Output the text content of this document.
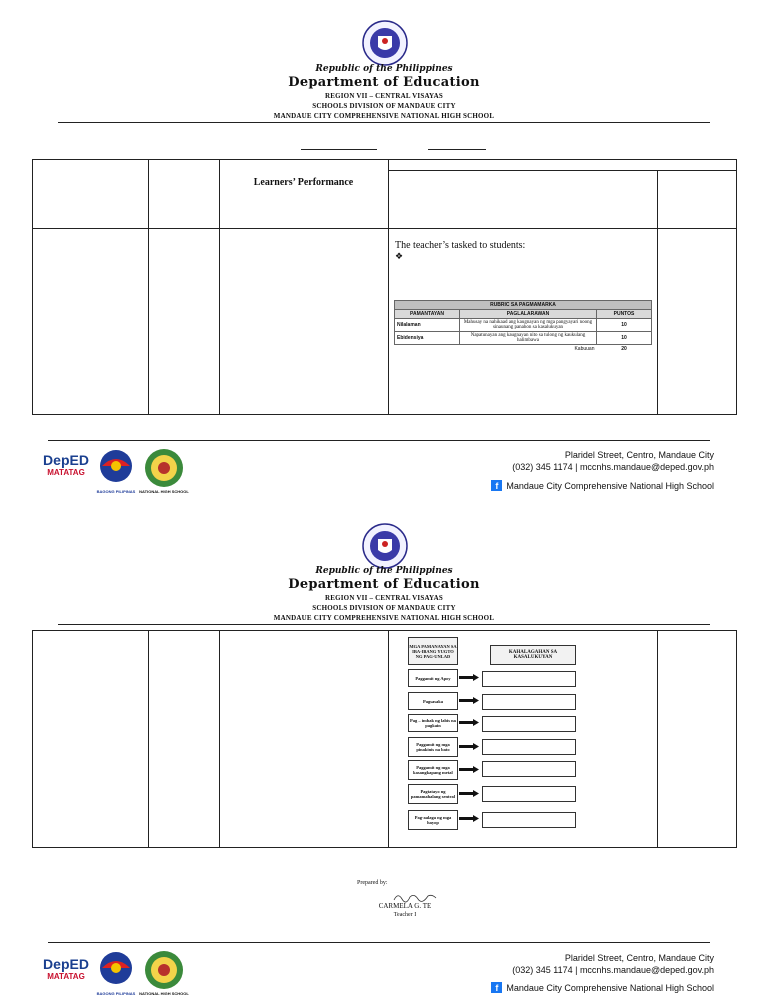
Republic of the Philippines
Department of Education
REGION VII – CENTRAL VISAYAS
SCHOOLS DIVISION OF MANDAUE CITY
MANDAUE CITY COMPREHENSIVE NATIONAL HIGH SCHOOL
Learners’ Performance
The teacher’s tasked to students:
❖
RUBRIC SA PAGMAMARKA		
PAMANTAYAN	PAGLALARAWAN	PUNTOS
Nilalaman	Mahusay na nahikaad ang kaugnayan ng mga pangyayari noong sinaunang panahon sa kasalukuyan	10
Ebidensiya	Napatunayan ang kaugnayan nito sa tulong ng kaukulang halimbawa	10
Kabuuan		20
DepED
MATATAG
BAGONG PILIPINAS NATIONAL HIGH SCHOOL
Plaridel Street, Centro, Mandaue City
(032) 345 1174 | mccnhs.mandaue@deped.gov.ph
f Mandaue City Comprehensive National High School
Republic of the Philippines
Department of Education
REGION VII – CENTRAL VISAYAS
SCHOOLS DIVISION OF MANDAUE CITY
MANDAUE CITY COMPREHENSIVE NATIONAL HIGH SCHOOL
MGA PAMANAYAN SA IBA-IBANG YUGTO NG PAG-UNLAD
KAHALAGAHAN SA KASALUKUYAN
Paggamit ng Apoy
Pagsasaka
Pag – imbak ng labis na pagkain
Paggamit ng mga pinakinis na bato
Paggamit ng mga kasangkapang metal
Pagtatayo ng pamamahalang sentral
Pag-aalaga ng mga hayop
Prepared by:
CARMELA G. TE
Teacher I
DepED
MATATAG
BAGONG PILIPINAS NATIONAL HIGH SCHOOL
Plaridel Street, Centro, Mandaue City
(032) 345 1174 | mccnhs.mandaue@deped.gov.ph
f Mandaue City Comprehensive National High School
